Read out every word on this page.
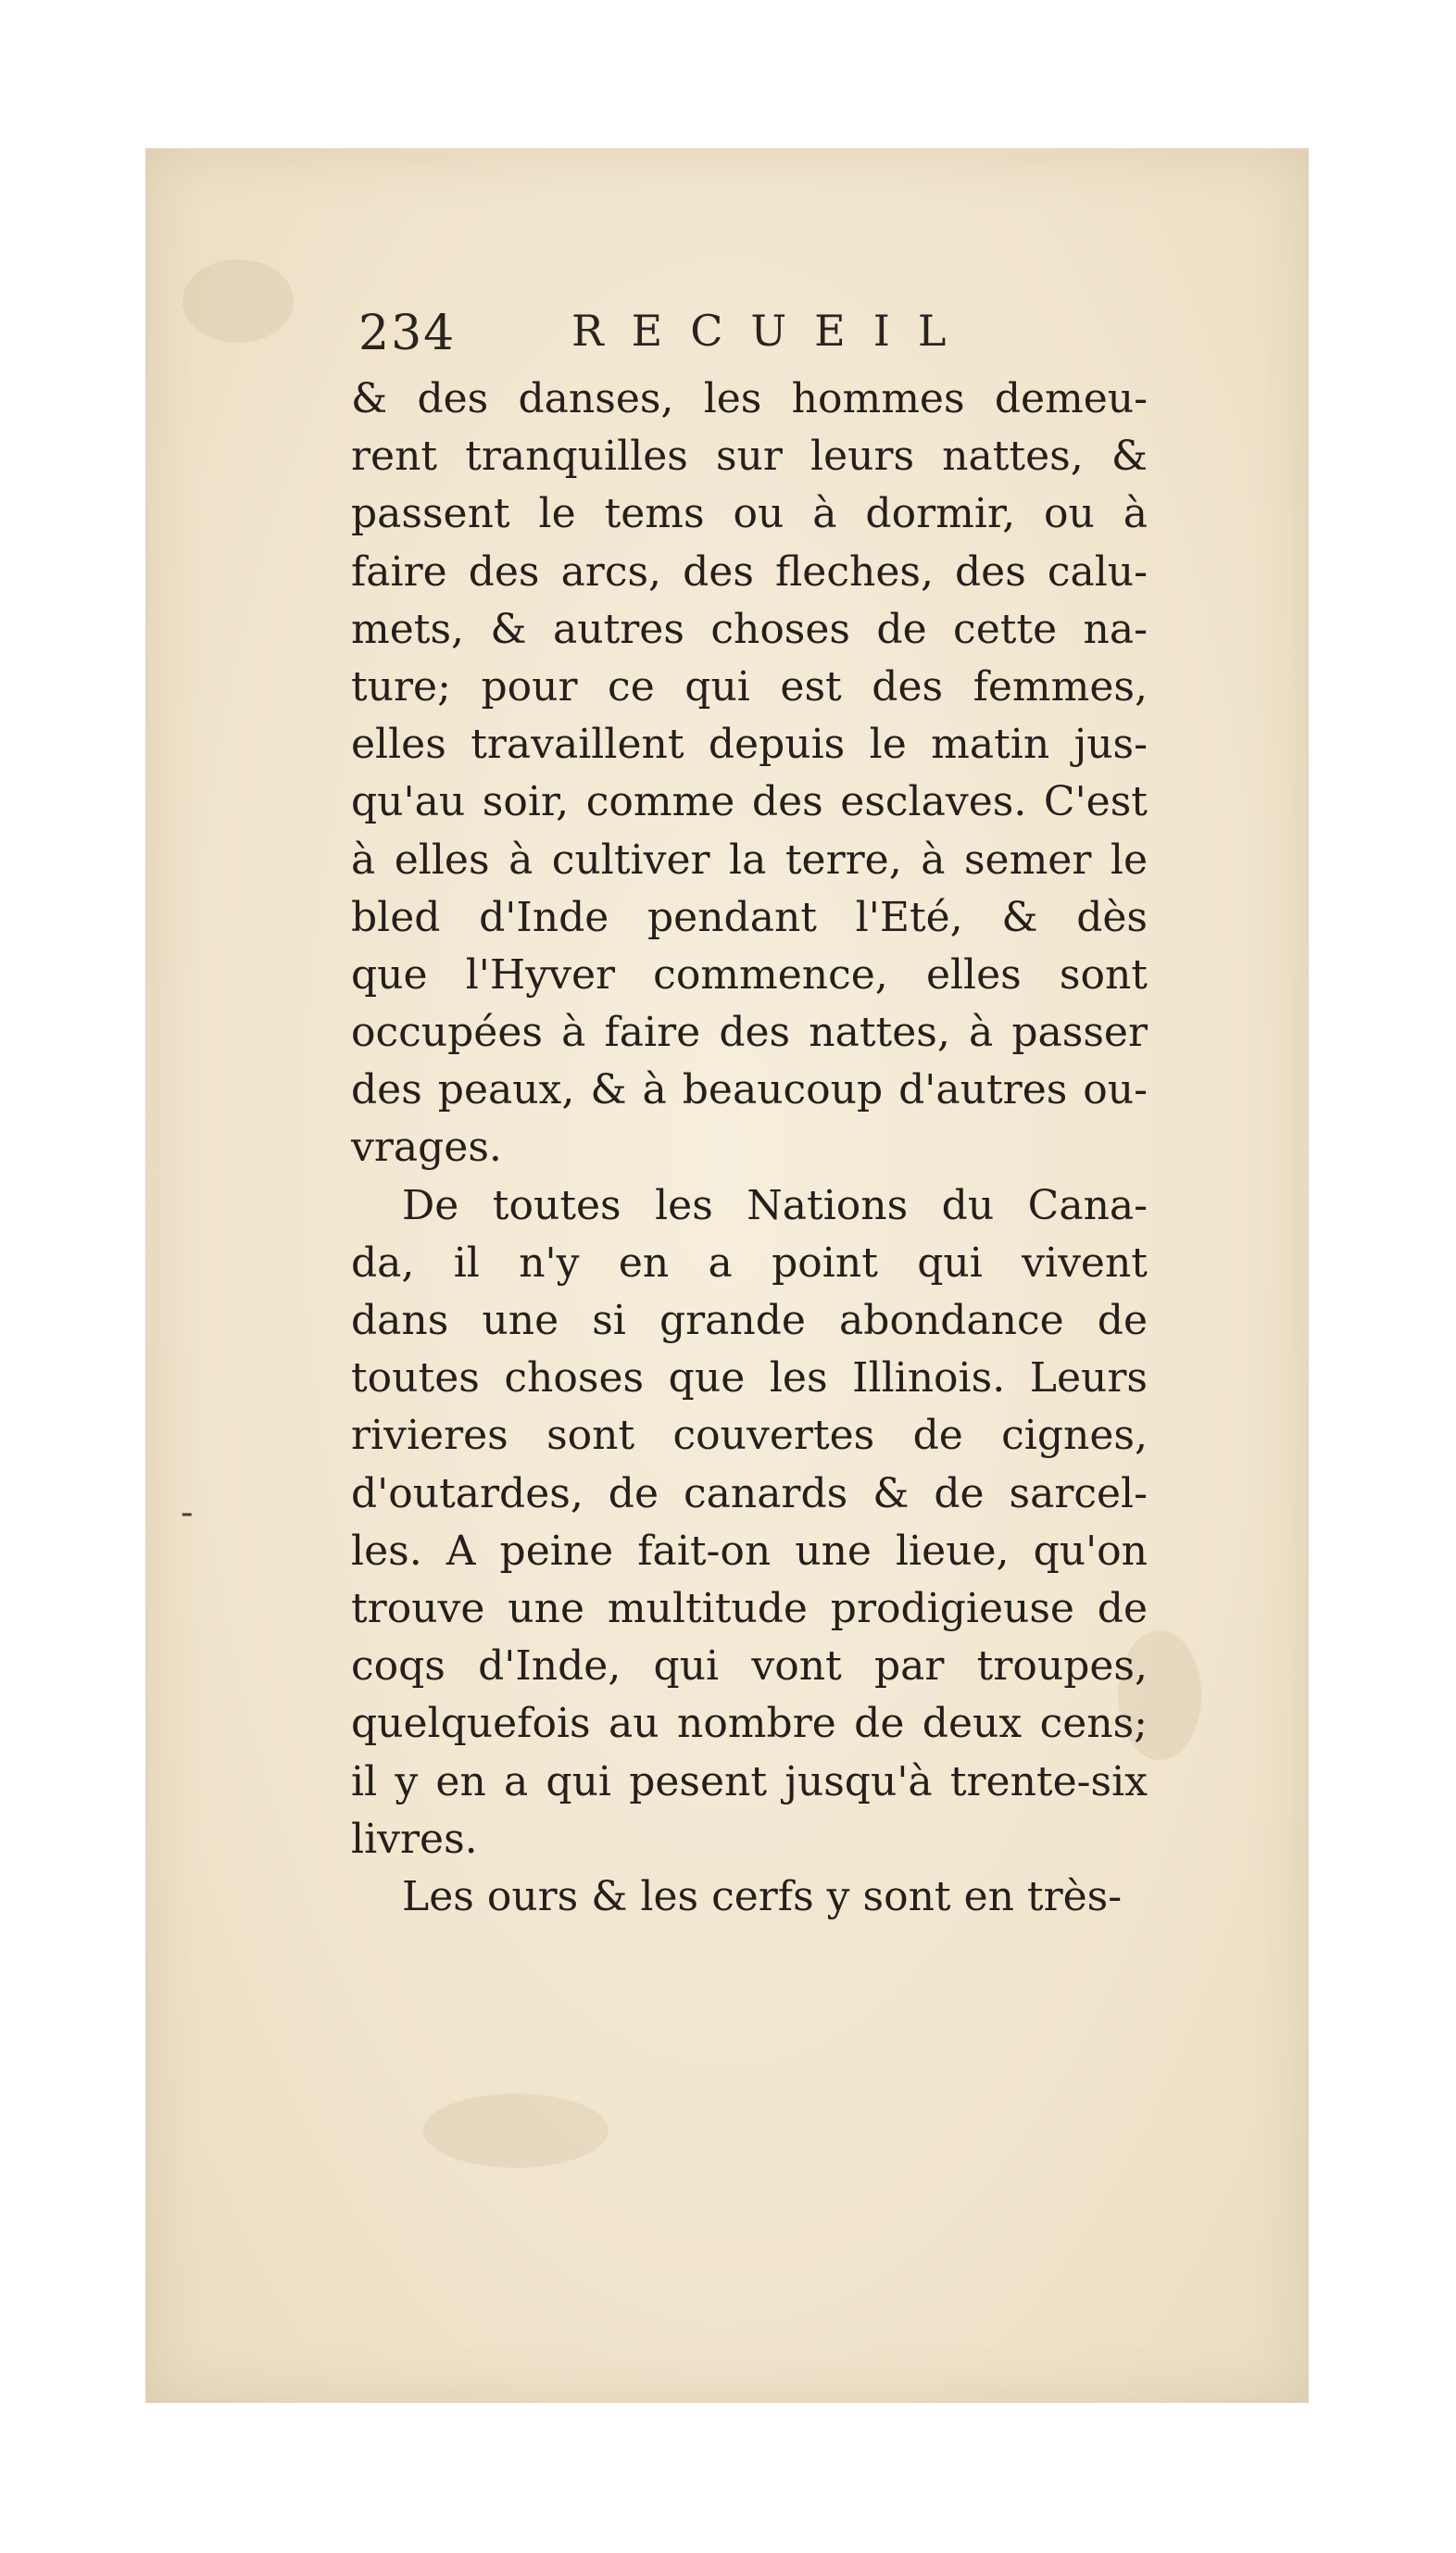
234	RECUEIL
& des danses, les hommes demeu-
rent tranquilles sur leurs nattes, &
passent le tems ou à dormir, ou à
faire des arcs, des fleches, des calu-
mets, & autres choses de cette na-
ture; pour ce qui est des femmes,
elles travaillent depuis le matin jus-
qu'au soir, comme des esclaves. C'est
à elles à cultiver la terre, à semer le
bled d'Inde pendant l'Eté, & dès
que l'Hyver commence, elles sont
occupées à faire des nattes, à passer
des peaux, & à beaucoup d'autres ou-
vrages.
De toutes les Nations du Cana-
da, il n'y en a point qui vivent
dans une si grande abondance de
toutes choses que les Illinois. Leurs
rivieres sont couvertes de cignes,
d'outardes, de canards & de sarcel-
les. A peine fait-on une lieue, qu'on
trouve une multitude prodigieuse de
coqs d'Inde, qui vont par troupes,
quelquefois au nombre de deux cens;
il y en a qui pesent jusqu'à trente-six
livres.
Les ours & les cerfs y sont en très-
-
